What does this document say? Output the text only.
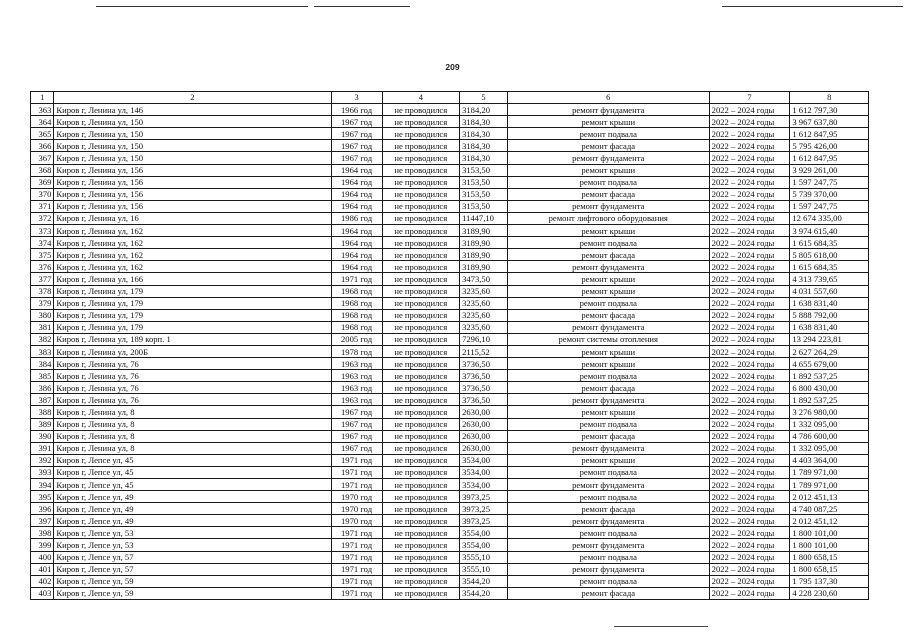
209
1	2	3	4	5	6	7	8
363	Киров г, Ленина ул, 146	1966 год	не проводился	3184,20	ремонт фундамента	2022 – 2024 годы	1 612 797,30
364	Киров г, Ленина ул, 150	1967 год	не проводился	3184,30	ремонт крыши	2022 – 2024 годы	3 967 637,80
365	Киров г, Ленина ул, 150	1967 год	не проводился	3184,30	ремонт подвала	2022 – 2024 годы	1 612 847,95
366	Киров г, Ленина ул, 150	1967 год	не проводился	3184,30	ремонт фасада	2022 – 2024 годы	5 795 426,00
367	Киров г, Ленина ул, 150	1967 год	не проводился	3184,30	ремонт фундамента	2022 – 2024 годы	1 612 847,95
368	Киров г, Ленина ул, 156	1964 год	не проводился	3153,50	ремонт крыши	2022 – 2024 годы	3 929 261,00
369	Киров г, Ленина ул, 156	1964 год	не проводился	3153,50	ремонт подвала	2022 – 2024 годы	1 597 247,75
370	Киров г, Ленина ул, 156	1964 год	не проводился	3153,50	ремонт фасада	2022 – 2024 годы	5 739 370,00
371	Киров г, Ленина ул, 156	1964 год	не проводился	3153,50	ремонт фундамента	2022 – 2024 годы	1 597 247,75
372	Киров г, Ленина ул, 16	1986 год	не проводился	11447,10	ремонт лифтового оборудования	2022 – 2024 годы	12 674 335,00
373	Киров г, Ленина ул, 162	1964 год	не проводился	3189,90	ремонт крыши	2022 – 2024 годы	3 974 615,40
374	Киров г, Ленина ул, 162	1964 год	не проводился	3189,90	ремонт подвала	2022 – 2024 годы	1 615 684,35
375	Киров г, Ленина ул, 162	1964 год	не проводился	3189,90	ремонт фасада	2022 – 2024 годы	5 805 618,00
376	Киров г, Ленина ул, 162	1964 год	не проводился	3189,90	ремонт фундамента	2022 – 2024 годы	1 615 684,35
377	Киров г, Ленина ул, 166	1971 год	не проводился	3473,50	ремонт крыши	2022 – 2024 годы	4 313 739,65
378	Киров г, Ленина ул, 179	1968 год	не проводился	3235,60	ремонт крыши	2022 – 2024 годы	4 031 557,60
379	Киров г, Ленина ул, 179	1968 год	не проводился	3235,60	ремонт подвала	2022 – 2024 годы	1 638 831,40
380	Киров г, Ленина ул, 179	1968 год	не проводился	3235,60	ремонт фасада	2022 – 2024 годы	5 888 792,00
381	Киров г, Ленина ул, 179	1968 год	не проводился	3235,60	ремонт фундамента	2022 – 2024 годы	1 638 831,40
382	Киров г, Ленина ул, 189 корп. 1	2005 год	не проводился	7296,10	ремонт системы отопления	2022 – 2024 годы	13 294 223,81
383	Киров г, Ленина ул, 200Б	1978 год	не проводился	2115,52	ремонт крыши	2022 – 2024 годы	2 627 264,29
384	Киров г, Ленина ул, 76	1963 год	не проводился	3736,50	ремонт крыши	2022 – 2024 годы	4 655 679,00
385	Киров г, Ленина ул, 76	1963 год	не проводился	3736,50	ремонт подвала	2022 – 2024 годы	1 892 537,25
386	Киров г, Ленина ул, 76	1963 год	не проводился	3736,50	ремонт фасада	2022 – 2024 годы	6 800 430,00
387	Киров г, Ленина ул, 76	1963 год	не проводился	3736,50	ремонт фундамента	2022 – 2024 годы	1 892 537,25
388	Киров г, Ленина ул, 8	1967 год	не проводился	2630,00	ремонт крыши	2022 – 2024 годы	3 276 980,00
389	Киров г, Ленина ул, 8	1967 год	не проводился	2630,00	ремонт подвала	2022 – 2024 годы	1 332 095,00
390	Киров г, Ленина ул, 8	1967 год	не проводился	2630,00	ремонт фасада	2022 – 2024 годы	4 786 600,00
391	Киров г, Ленина ул, 8	1967 год	не проводился	2630,00	ремонт фундамента	2022 – 2024 годы	1 332 095,00
392	Киров г, Лепсе ул, 45	1971 год	не проводился	3534,00	ремонт крыши	2022 – 2024 годы	4 403 364,00
393	Киров г, Лепсе ул, 45	1971 год	не проводился	3534,00	ремонт подвала	2022 – 2024 годы	1 789 971,00
394	Киров г, Лепсе ул, 45	1971 год	не проводился	3534,00	ремонт фундамента	2022 – 2024 годы	1 789 971,00
395	Киров г, Лепсе ул, 49	1970 год	не проводился	3973,25	ремонт подвала	2022 – 2024 годы	2 012 451,13
396	Киров г, Лепсе ул, 49	1970 год	не проводился	3973,25	ремонт фасада	2022 – 2024 годы	4 740 087,25
397	Киров г, Лепсе ул, 49	1970 год	не проводился	3973,25	ремонт фундамента	2022 – 2024 годы	2 012 451,12
398	Киров г, Лепсе ул, 53	1971 год	не проводился	3554,00	ремонт подвала	2022 – 2024 годы	1 800 101,00
399	Киров г, Лепсе ул, 53	1971 год	не проводился	3554,00	ремонт фундамента	2022 – 2024 годы	1 800 101,00
400	Киров г, Лепсе ул, 57	1971 год	не проводился	3555,10	ремонт подвала	2022 – 2024 годы	1 800 658,15
401	Киров г, Лепсе ул, 57	1971 год	не проводился	3555,10	ремонт фундамента	2022 – 2024 годы	1 800 658,15
402	Киров г, Лепсе ул, 59	1971 год	не проводился	3544,20	ремонт подвала	2022 – 2024 годы	1 795 137,30
403	Киров г, Лепсе ул, 59	1971 год	не проводился	3544,20	ремонт фасада	2022 – 2024 годы	4 228 230,60
